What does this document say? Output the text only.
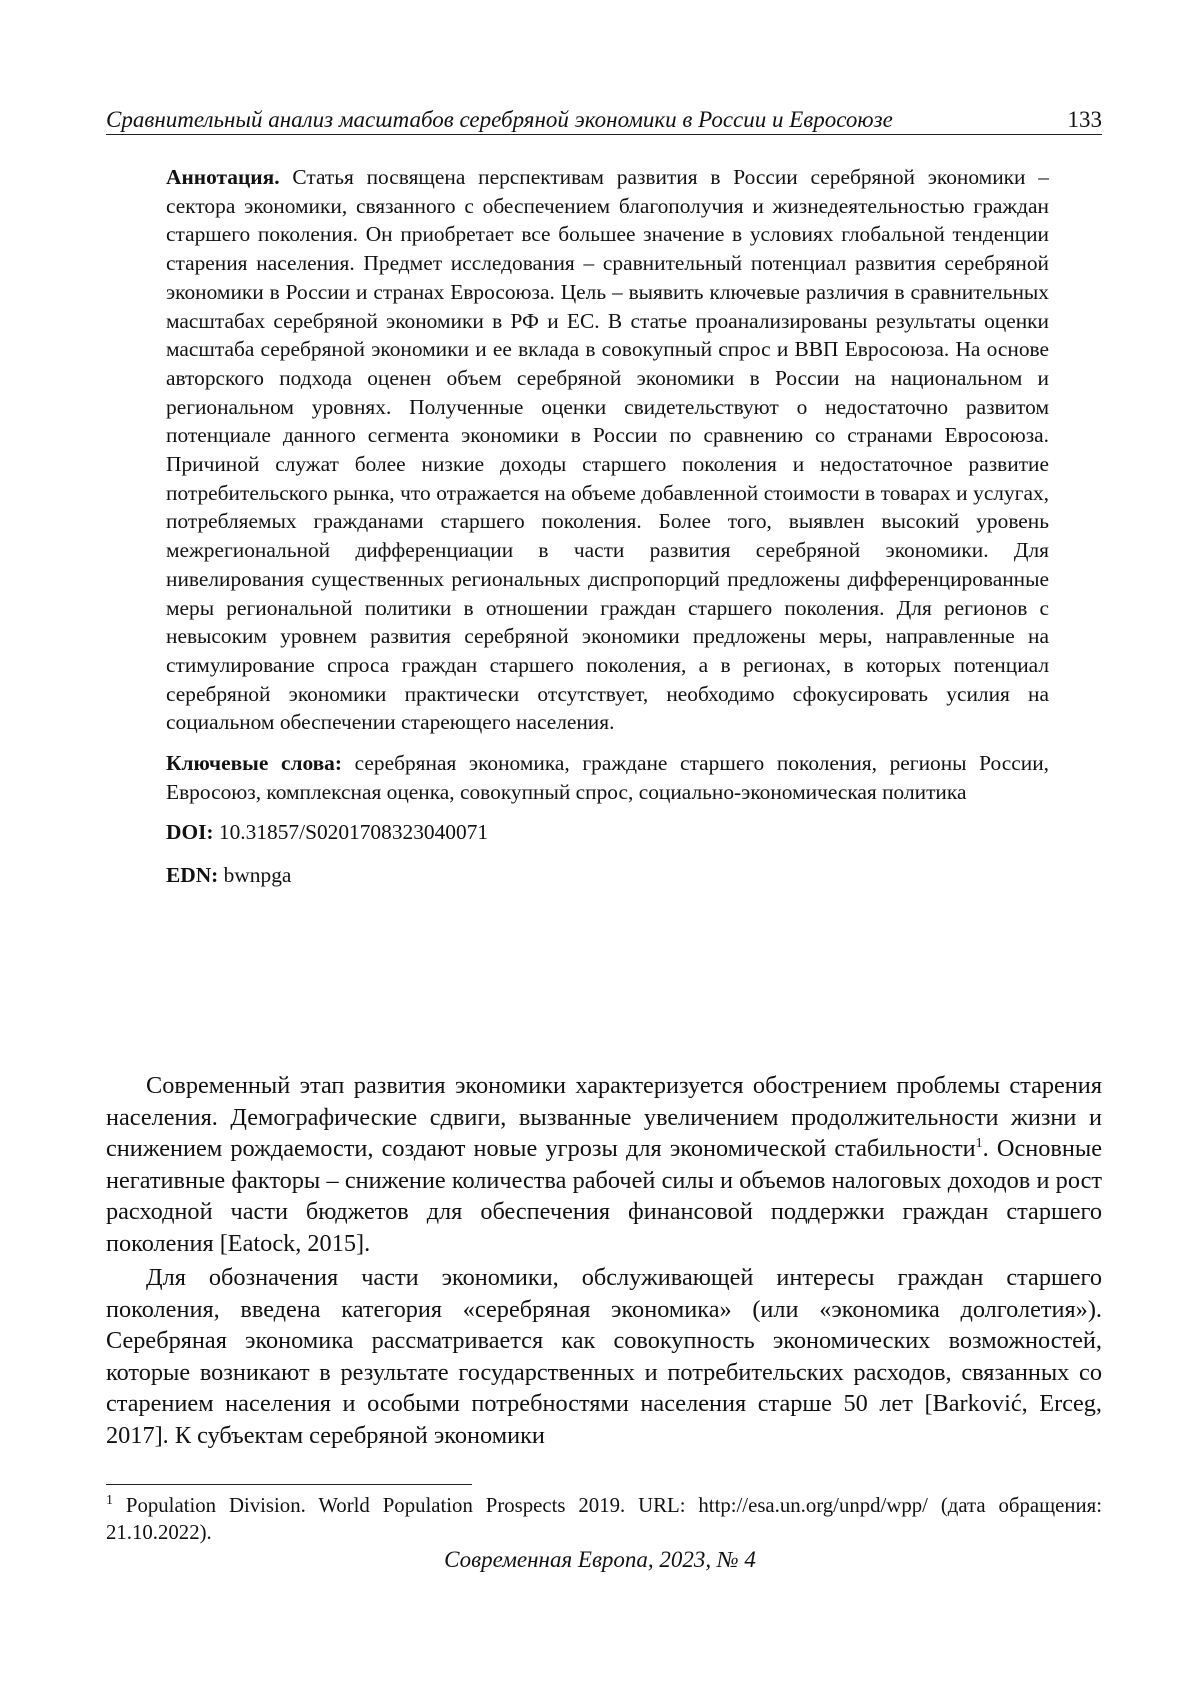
Сравнительный анализ масштабов серебряной экономики в России и Евросоюзе	133

Аннотация. Статья посвящена перспективам развития в России серебряной экономики – сектора экономики, связанного с обеспечением благополучия и жизнедеятельностью граждан старшего поколения. Он приобретает все большее значение в условиях глобальной тенденции старения населения. Предмет исследования – сравнительный потенциал развития серебряной экономики в России и странах Евросоюза. Цель – выявить ключевые различия в сравнительных масштабах серебряной экономики в РФ и ЕС. В статье проанализированы результаты оценки масштаба серебряной экономики и ее вклада в совокупный спрос и ВВП Евросоюза. На основе авторского подхода оценен объем серебряной экономики в России на национальном и региональном уровнях. Полученные оценки свидетельствуют о недостаточно развитом потенциале данного сегмента экономики в России по сравнению со странами Евросоюза. Причиной служат более низкие доходы старшего поколения и недостаточное развитие потребительского рынка, что отражается на объеме добавленной стоимости в товарах и услугах, потребляемых гражданами старшего поколения. Более того, выявлен высокий уровень межрегиональной дифференциации в части развития серебряной экономики. Для нивелирования существенных региональных диспропорций предложены дифференцированные меры региональной политики в отношении граждан старшего поколения. Для регионов с невысоким уровнем развития серебряной экономики предложены меры, направленные на стимулирование спроса граждан старшего поколения, а в регионах, в которых потенциал серебряной экономики практически отсутствует, необходимо сфокусировать усилия на социальном обеспечении стареющего населения.

Ключевые слова: серебряная экономика, граждане старшего поколения, регионы России, Евросоюз, комплексная оценка, совокупный спрос, социально-экономическая политика

DOI: 10.31857/S0201708323040071

EDN: bwnpga

Современный этап развития экономики характеризуется обострением проблемы старения населения. Демографические сдвиги, вызванные увеличением продолжительности жизни и снижением рождаемости, создают новые угрозы для экономической стабильности$^1$. Основные негативные факторы – снижение количества рабочей силы и объемов налоговых доходов и рост расходной части бюджетов для обеспечения финансовой поддержки граждан старшего поколения [Eatock, 2015].

Для обозначения части экономики, обслуживающей интересы граждан старшего поколения, введена категория «серебряная экономика» (или «экономика долголетия»). Серебряная экономика рассматривается как совокупность экономических возможностей, которые возникают в результате государственных и потребительских расходов, связанных со старением населения и особыми потребностями населения старше 50 лет [Barković, Erceg, 2017]. К субъектам серебряной экономики

$^1$ Population Division. World Population Prospects 2019. URL: http://esa.un.org/unpd/wpp/ (дата обращения: 21.10.2022).

Современная Европа, 2023, № 4
